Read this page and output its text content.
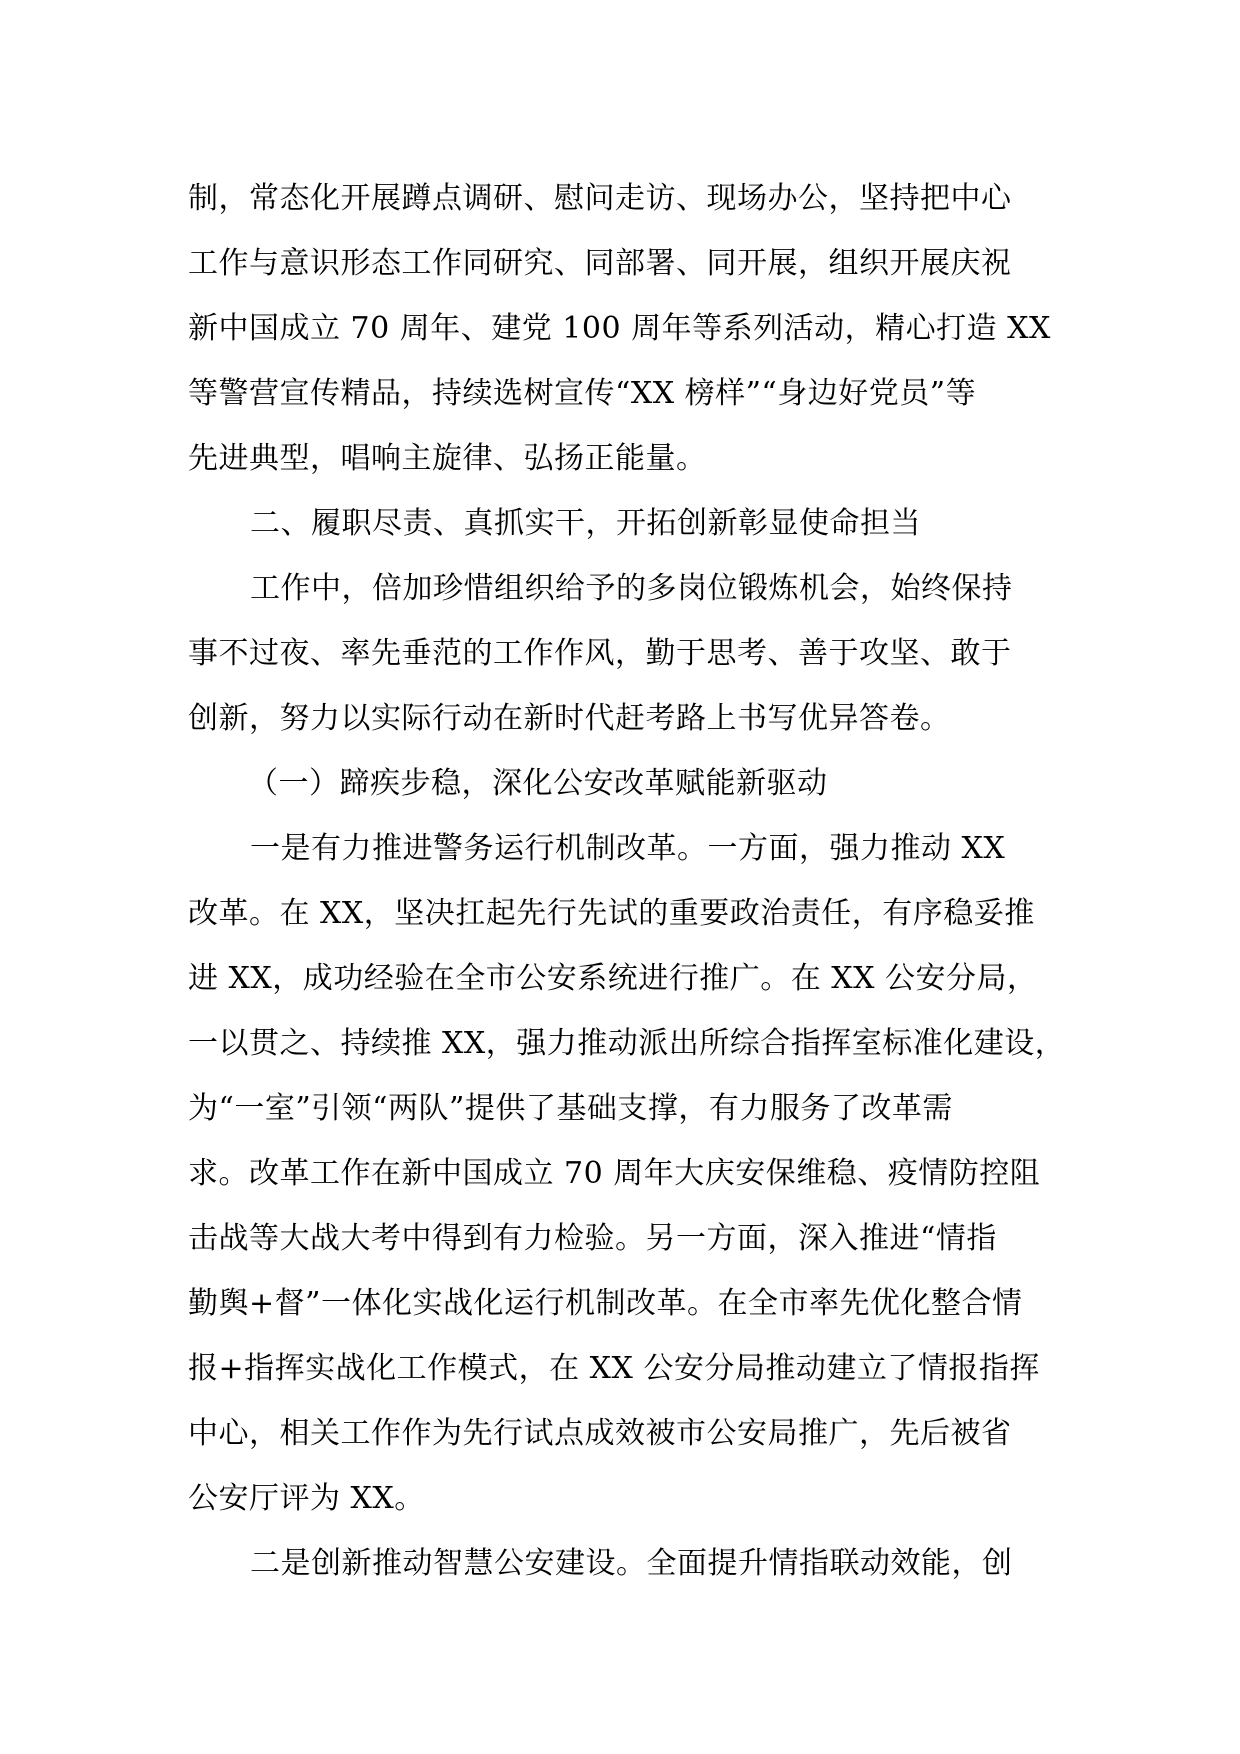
制，常态化开展蹲点调研、慰问走访、现场办公，坚持把中心
工作与意识形态工作同研究、同部署、同开展，组织开展庆祝
新中国成立 70 周年、建党 100 周年等系列活动，精心打造 XX
等警营宣传精品，持续选树宣传“XX 榜样”“身边好党员”等
先进典型，唱响主旋律、弘扬正能量。
二、履职尽责、真抓实干，开拓创新彰显使命担当
工作中，倍加珍惜组织给予的多岗位锻炼机会，始终保持
事不过夜、率先垂范的工作作风，勤于思考、善于攻坚、敢于
创新，努力以实际行动在新时代赶考路上书写优异答卷。
（一）蹄疾步稳，深化公安改革赋能新驱动
一是有力推进警务运行机制改革。一方面，强力推动 XX
改革。在 XX，坚决扛起先行先试的重要政治责任，有序稳妥推
进 XX，成功经验在全市公安系统进行推广。在 XX 公安分局，
一以贯之、持续推 XX，强力推动派出所综合指挥室标准化建设，
为“一室”引领“两队”提供了基础支撑，有力服务了改革需
求。改革工作在新中国成立 70 周年大庆安保维稳、疫情防控阻
击战等大战大考中得到有力检验。另一方面，深入推进“情指
勤舆+督”一体化实战化运行机制改革。在全市率先优化整合情
报+指挥实战化工作模式，在 XX 公安分局推动建立了情报指挥
中心，相关工作作为先行试点成效被市公安局推广，先后被省
公安厅评为 XX。
二是创新推动智慧公安建设。全面提升情指联动效能，创
